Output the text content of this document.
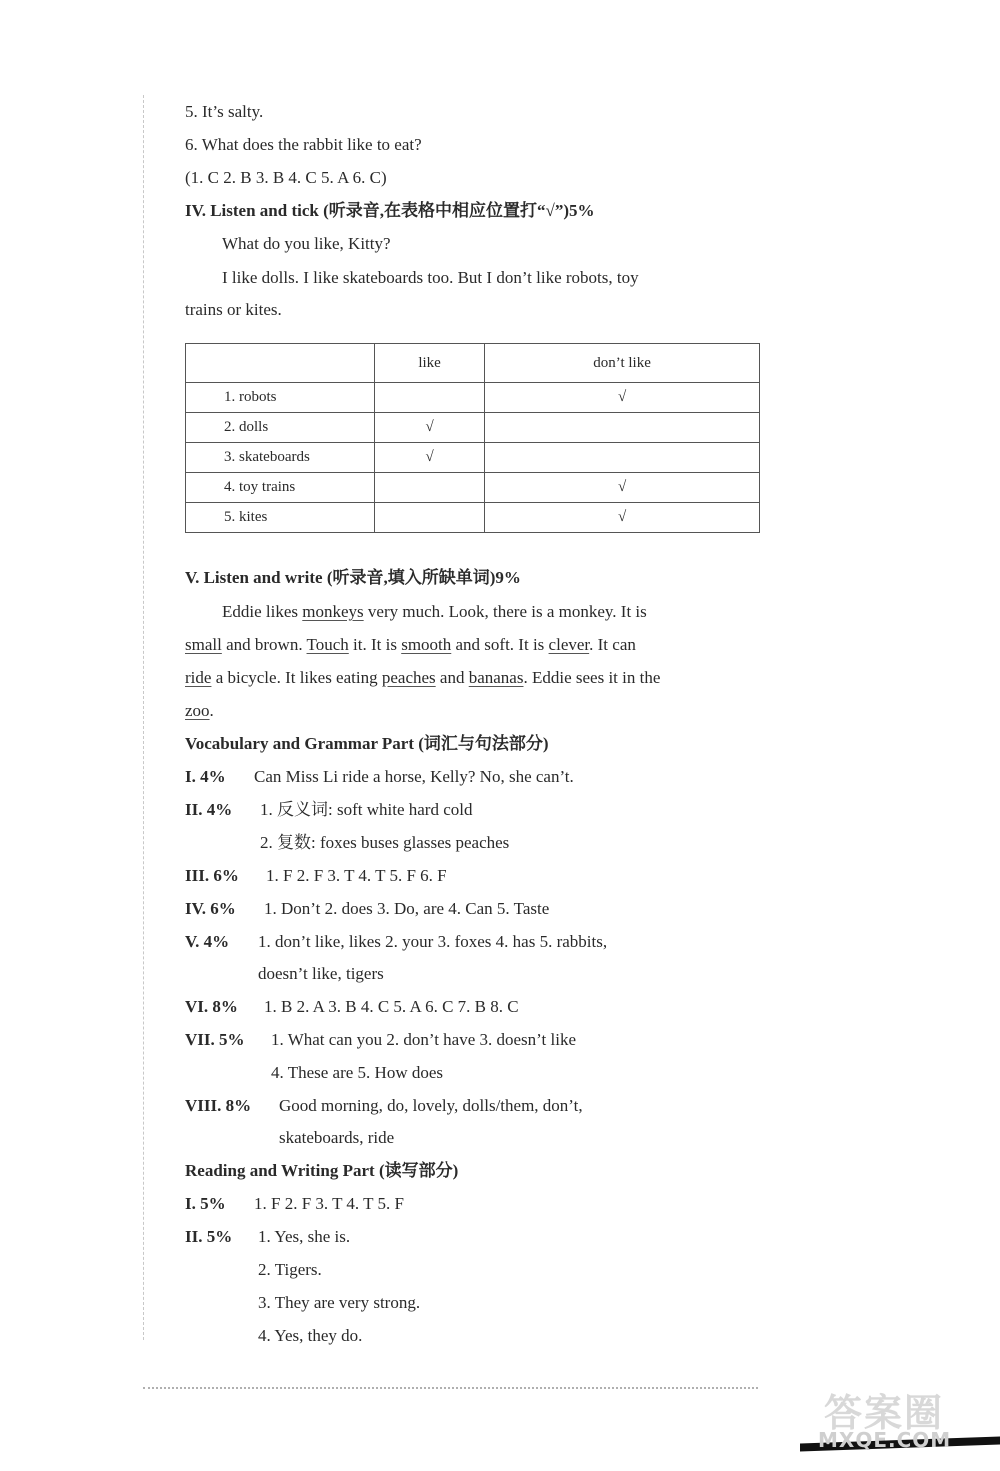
5. It’s salty.
6. What does the rabbit like to eat?
(1. C 2. B 3. B 4. C 5. A 6. C)
IV. Listen and tick (听录音,在表格中相应位置打“√”)5%
What do you like, Kitty?
I like dolls. I like skateboards too. But I don’t like robots, toy
trains or kites.
	like	don’t like
1. robots		√
2. dolls	√	
3. skateboards	√	
4. toy trains		√
5. kites		√
V. Listen and write (听录音,填入所缺单词)9%
Eddie likes monkeys very much. Look, there is a monkey. It is
small and brown. Touch it. It is smooth and soft. It is clever. It can
ride a bicycle. It likes eating peaches and bananas. Eddie sees it in the
zoo.
Vocabulary and Grammar Part (词汇与句法部分)
I. 4% Can Miss Li ride a horse, Kelly? No, she can’t.
II. 4% 1. 反义词: soft white hard cold
2. 复数: foxes buses glasses peaches
III. 6% 1. F 2. F 3. T 4. T 5. F 6. F
IV. 6% 1. Don’t 2. does 3. Do, are 4. Can 5. Taste
V. 4% 1. don’t like, likes 2. your 3. foxes 4. has 5. rabbits,
doesn’t like, tigers
VI. 8% 1. B 2. A 3. B 4. C 5. A 6. C 7. B 8. C
VII. 5% 1. What can you 2. don’t have 3. doesn’t like
4. These are 5. How does
VIII. 8% Good morning, do, lovely, dolls/them, don’t,
skateboards, ride
Reading and Writing Part (读写部分)
I. 5% 1. F 2. F 3. T 4. T 5. F
II. 5% 1. Yes, she is.
2. Tigers.
3. They are very strong.
4. Yes, they do.
答案圈
MXQE.COM
